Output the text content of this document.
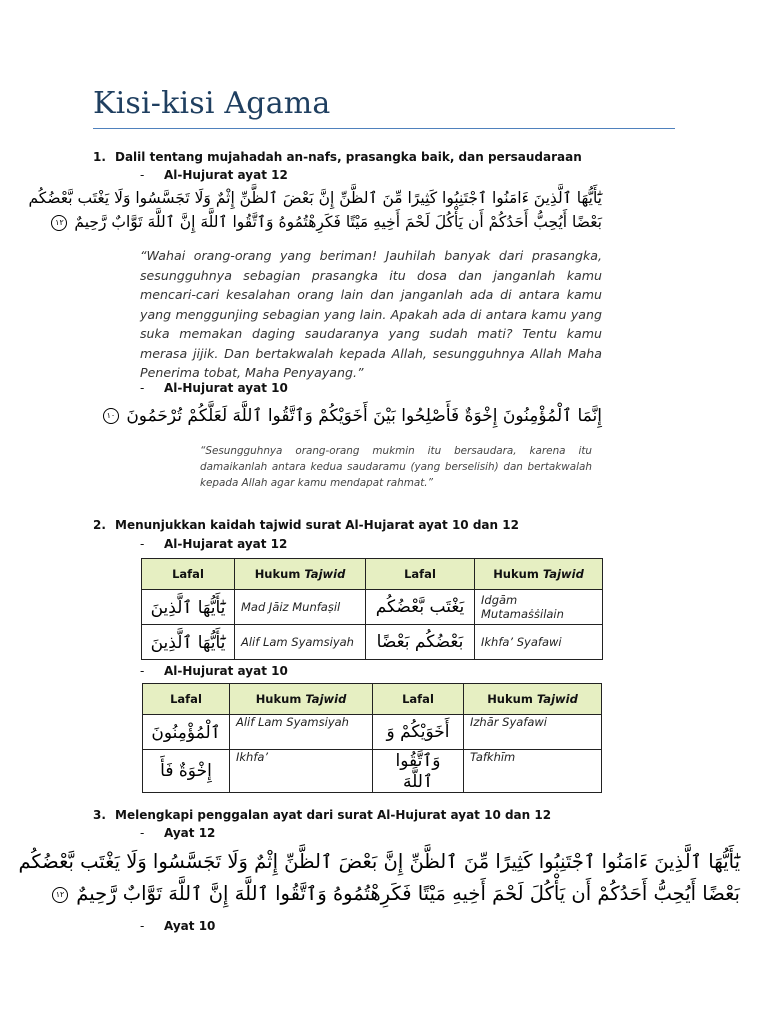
Kisi-kisi Agama
1. Dalil tentang mujahadah an-nafs, prasangka baik, dan persaudaraan
- Al-Hujurat ayat 12
يَٰٓأَيُّهَا ٱلَّذِينَ ءَامَنُوا ٱجْتَنِبُوا كَثِيرًا مِّنَ ٱلظَّنِّ إِنَّ بَعْضَ ٱلظَّنِّ إِثْمٌ وَلَا تَجَسَّسُوا وَلَا يَغْتَب بَّعْضُكُم
بَعْضًا أَيُحِبُّ أَحَدُكُمْ أَن يَأْكُلَ لَحْمَ أَخِيهِ مَيْتًا فَكَرِهْتُمُوهُ وَٱتَّقُوا ٱللَّهَ إِنَّ ٱللَّهَ تَوَّابٌ رَّحِيمٌ ١٢
“Wahai orang-orang yang beriman! Jauhilah banyak dari prasangka, sesungguhnya sebagian prasangka itu dosa dan janganlah kamu mencari-cari kesalahan orang lain dan janganlah ada di antara kamu yang menggunjing sebagian yang lain. Apakah ada di antara kamu yang suka memakan daging saudaranya yang sudah mati? Tentu kamu merasa jijik. Dan bertakwalah kepada Allah, sesungguhnya Allah Maha Penerima tobat, Maha Penyayang.”
- Al-Hujurat ayat 10
إِنَّمَا ٱلْمُؤْمِنُونَ إِخْوَةٌ فَأَصْلِحُوا بَيْنَ أَخَوَيْكُمْ وَٱتَّقُوا ٱللَّهَ لَعَلَّكُمْ تُرْحَمُونَ ١٠
“Sesungguhnya orang-orang mukmin itu bersaudara, karena itu damaikanlah antara kedua saudaramu (yang berselisih) dan bertakwalah kepada Allah agar kamu mendapat rahmat.”
2. Menunjukkan kaidah tajwid surat Al-Hujarat ayat 10 dan 12
- Al-Hujarat ayat 12
Lafal	Hukum Tajwid	Lafal	Hukum Tajwid
يَٰٓأَيُّهَا ٱلَّذِينَ	Mad Jāiz Munfaṣil	يَغْتَب بَّعْضُكُم	Idgām Mutamaṡṡilain
يَٰٓأَيُّهَا ٱلَّذِينَ	Alif Lam Syamsiyah	بَعْضُكُم بَعْضًا	Ikhfa’ Syafawi
- Al-Hujurat ayat 10
Lafal	Hukum Tajwid	Lafal	Hukum Tajwid
ٱلْمُؤْمِنُونَ	Alif Lam Syamsiyah	أَخَوَيْكُمْ وَ	Izhār Syafawi
إِخْوَةٌ فَأَ	Ikhfa’	وَٱتَّقُوا ٱللَّهَ	Tafkhīm
3. Melengkapi penggalan ayat dari surat Al-Hujurat ayat 10 dan 12
- Ayat 12
يَٰٓأَيُّهَا ٱلَّذِينَ ءَامَنُوا ٱجْتَنِبُوا كَثِيرًا مِّنَ ٱلظَّنِّ إِنَّ بَعْضَ ٱلظَّنِّ إِثْمٌ وَلَا تَجَسَّسُوا وَلَا يَغْتَب بَّعْضُكُم
بَعْضًا أَيُحِبُّ أَحَدُكُمْ أَن يَأْكُلَ لَحْمَ أَخِيهِ مَيْتًا فَكَرِهْتُمُوهُ وَٱتَّقُوا ٱللَّهَ إِنَّ ٱللَّهَ تَوَّابٌ رَّحِيمٌ ١٢
- Ayat 10
